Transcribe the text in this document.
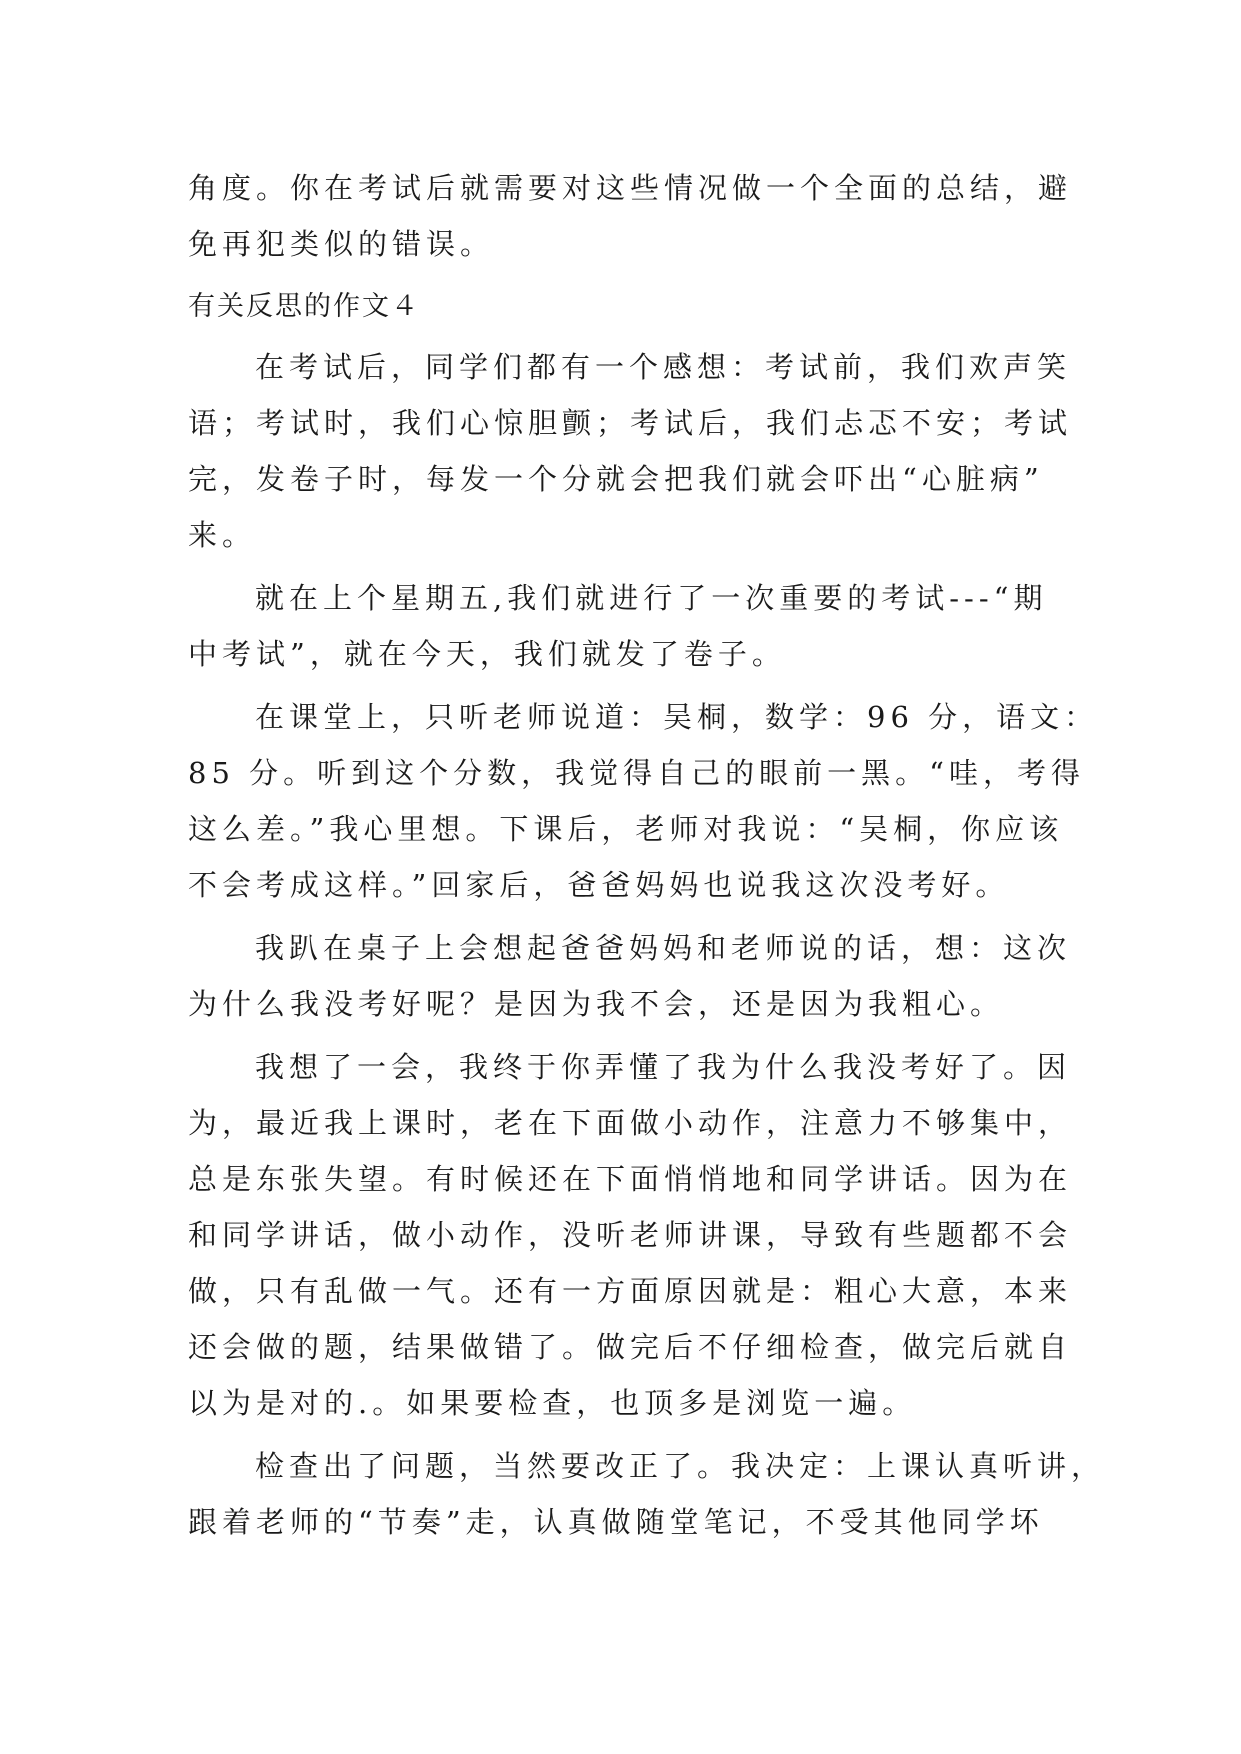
角度。你在考试后就需要对这些情况做一个全面的总结，避

免再犯类似的错误。

有关反思的作文４

在考试后，同学们都有一个感想：考试前，我们欢声笑

语；考试时，我们心惊胆颤；考试后，我们忐忑不安；考试

完，发卷子时，每发一个分就会把我们就会吓出“心脏病”

来。

就在上个星期五,我们就进行了一次重要的考试---“期

中考试”，就在今天，我们就发了卷子。

在课堂上，只听老师说道：吴桐，数学：96 分，语文：

85 分。听到这个分数，我觉得自己的眼前一黑。“哇，考得

这么差。”我心里想。下课后，老师对我说：“吴桐，你应该

不会考成这样。”回家后，爸爸妈妈也说我这次没考好。

我趴在桌子上会想起爸爸妈妈和老师说的话，想：这次

为什么我没考好呢？是因为我不会，还是因为我粗心。

我想了一会，我终于你弄懂了我为什么我没考好了。因

为，最近我上课时，老在下面做小动作，注意力不够集中，

总是东张失望。有时候还在下面悄悄地和同学讲话。因为在

和同学讲话，做小动作，没听老师讲课，导致有些题都不会

做，只有乱做一气。还有一方面原因就是：粗心大意，本来

还会做的题，结果做错了。做完后不仔细检查，做完后就自

以为是对的.。如果要检查，也顶多是浏览一遍。

检查出了问题，当然要改正了。我决定：上课认真听讲，

跟着老师的“节奏”走，认真做随堂笔记，不受其他同学坏
